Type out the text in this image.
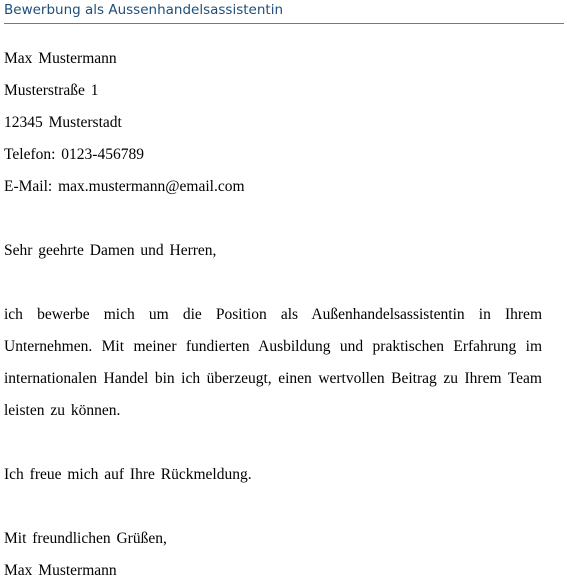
Bewerbung als Aussenhandelsassistentin
Max Mustermann
Musterstraße 1
12345 Musterstadt
Telefon: 0123-456789
E-Mail: max.mustermann@email.com
Sehr geehrte Damen und Herren,
ich bewerbe mich um die Position als Außenhandelsassistentin in Ihrem
Unternehmen. Mit meiner fundierten Ausbildung und praktischen Erfahrung im
internationalen Handel bin ich überzeugt, einen wertvollen Beitrag zu Ihrem Team
leisten zu können.
Ich freue mich auf Ihre Rückmeldung.
Mit freundlichen Grüßen,
Max Mustermann
